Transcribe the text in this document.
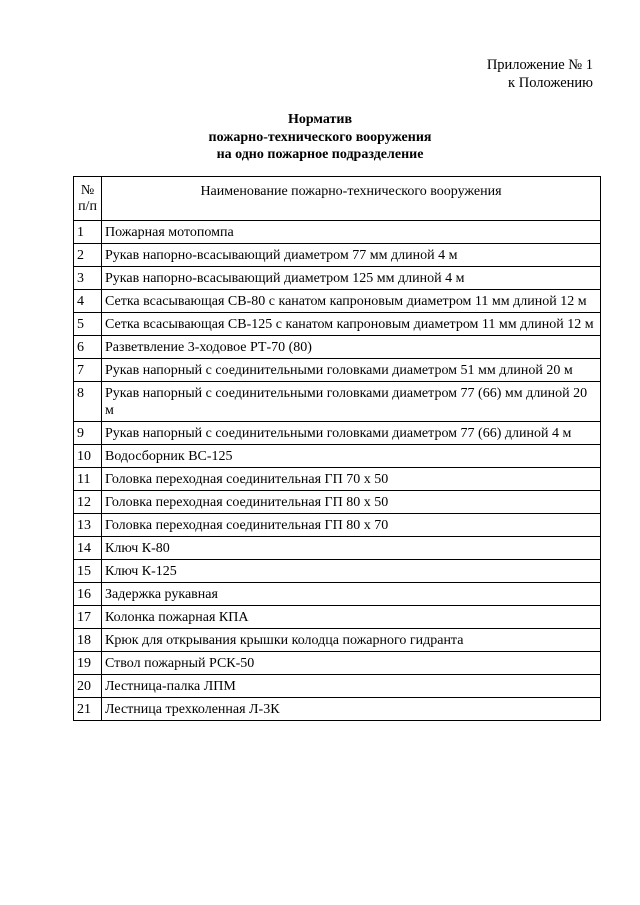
Приложение № 1
к Положению
Норматив
пожарно-технического вооружения
на одно пожарное подразделение
№
п/п	Наименование пожарно-технического вооружения
1	Пожарная мотопомпа
2	Рукав напорно-всасывающий диаметром 77 мм длиной 4 м
3	Рукав напорно-всасывающий диаметром 125 мм длиной 4 м
4	Сетка всасывающая СВ-80 с канатом капроновым диаметром 11 мм длиной 12 м
5	Сетка всасывающая СВ-125 с канатом капроновым диаметром 11 мм длиной 12 м
6	Разветвление 3-ходовое РТ-70 (80)
7	Рукав напорный с соединительными головками диаметром 51 мм длиной 20 м
8	Рукав напорный с соединительными головками диаметром 77 (66) мм длиной 20 м
9	Рукав напорный с соединительными головками диаметром 77 (66) длиной 4 м
10	Водосборник ВС-125
11	Головка переходная соединительная ГП 70 х 50
12	Головка переходная соединительная ГП 80 х 50
13	Головка переходная соединительная ГП 80 х 70
14	Ключ К-80
15	Ключ К-125
16	Задержка рукавная
17	Колонка пожарная КПА
18	Крюк для открывания крышки колодца пожарного гидранта
19	Ствол пожарный РСК-50
20	Лестница-палка ЛПМ
21	Лестница трехколенная Л-3К
